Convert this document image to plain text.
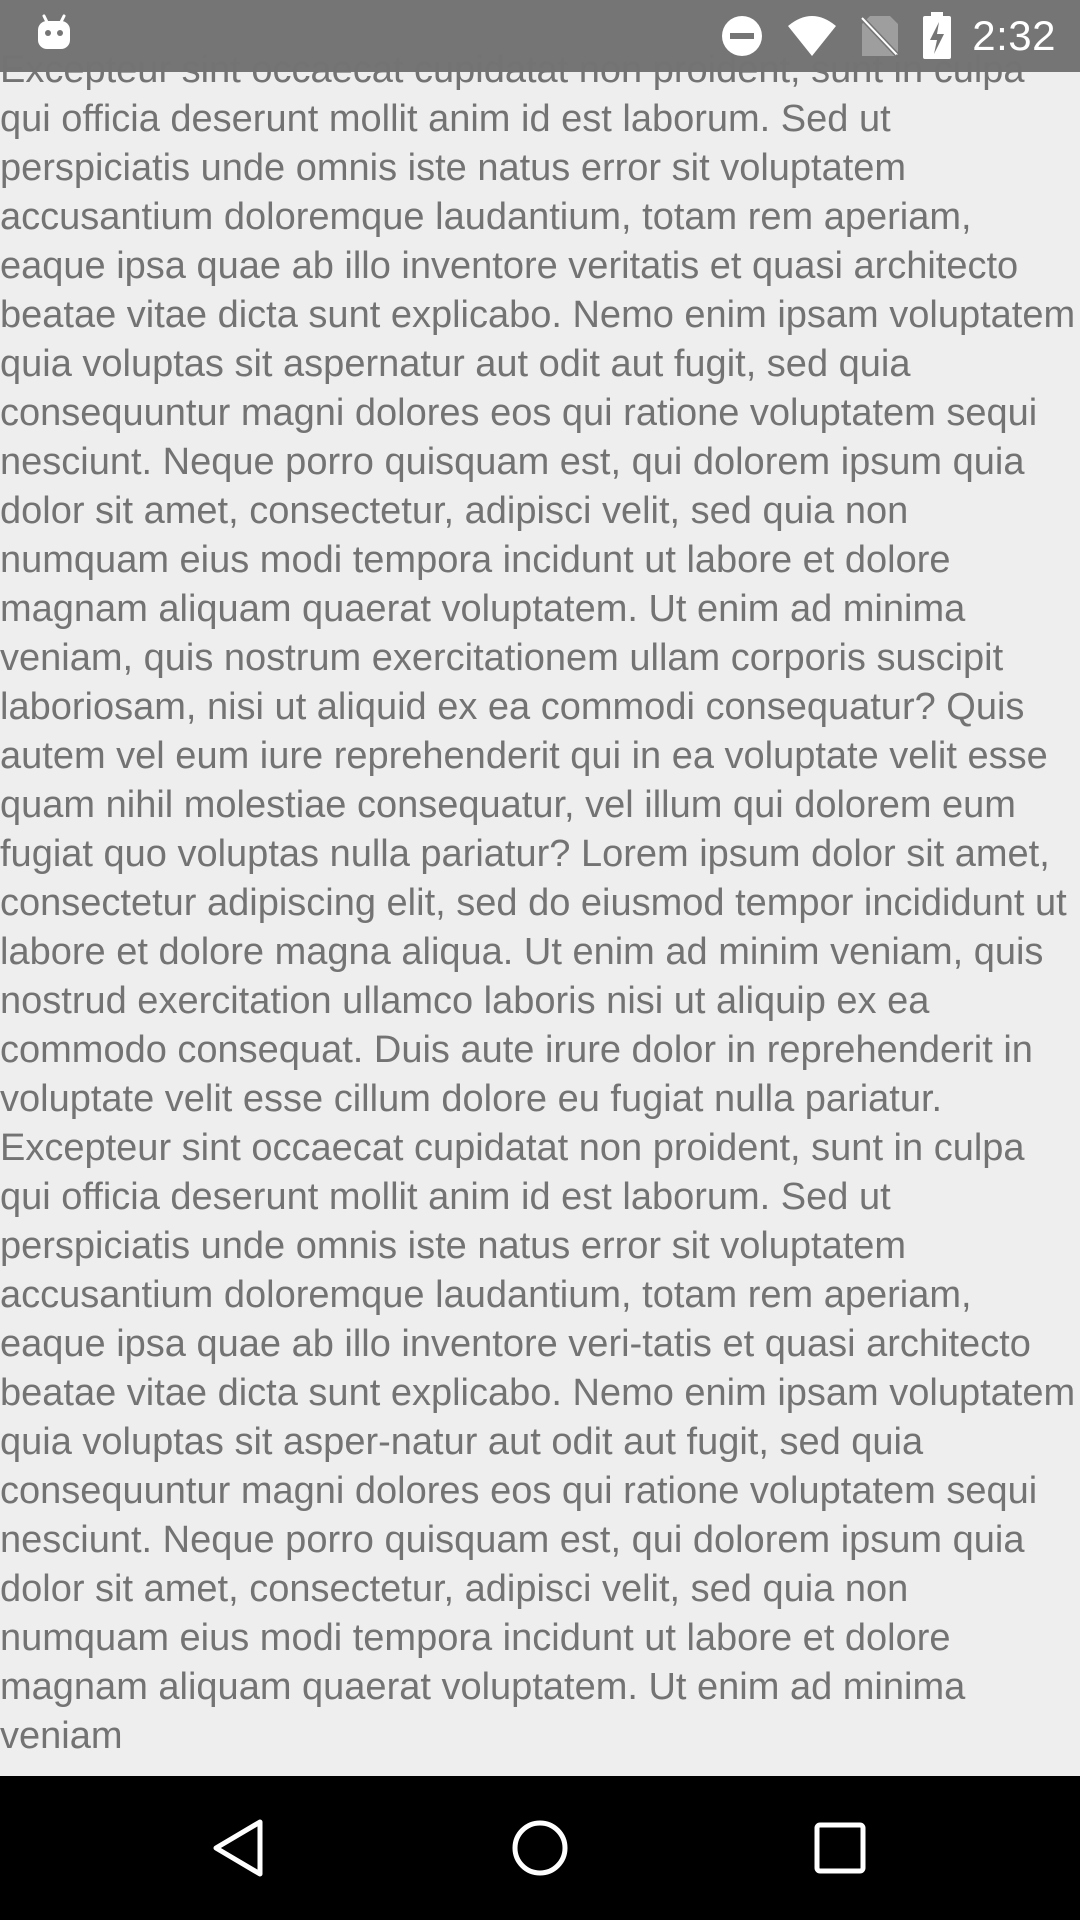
2:32

Excepteur sint occaecat cupidatat non proident, sunt in culpa qui officia deserunt mollit anim id est laborum. Sed ut perspiciatis unde omnis iste natus error sit voluptatem accusantium doloremque laudantium, totam rem aperiam, eaque ipsa quae ab illo inventore veritatis et quasi architecto beatae vitae dicta sunt explicabo. Nemo enim ipsam voluptatem quia voluptas sit aspernatur aut odit aut fugit, sed quia consequuntur magni dolores eos qui ratione voluptatem sequi nesciunt. Neque porro quisquam est, qui dolorem ipsum quia dolor sit amet, consectetur, adipisci velit, sed quia non numquam eius modi tempora incidunt ut labore et dolore magnam aliquam quaerat voluptatem. Ut enim ad minima veniam, quis nostrum exercitationem ullam corporis suscipit laboriosam, nisi ut aliquid ex ea commodi consequatur? Quis autem vel eum iure reprehenderit qui in ea voluptate velit esse quam nihil molestiae consequatur, vel illum qui dolorem eum fugiat quo voluptas nulla pariatur? Lorem ipsum dolor sit amet, consectetur adipiscing elit, sed do eiusmod tempor incididunt ut labore et dolore magna aliqua. Ut enim ad minim veniam, quis nostrud exercitation ullamco laboris nisi ut aliquip ex ea commodo consequat. Duis aute irure dolor in reprehenderit in voluptate velit esse cillum dolore eu fugiat nulla pariatur. Excepteur sint occaecat cupidatat non proident, sunt in culpa qui officia deserunt mollit anim id est laborum. Sed ut perspiciatis unde omnis iste natus error sit voluptatem accusantium doloremque laudantium, totam rem aperiam, eaque ipsa quae ab illo inventore veri-tatis et quasi architecto beatae vitae dicta sunt explicabo. Nemo enim ipsam voluptatem quia voluptas sit asper-natur aut odit aut fugit, sed quia consequuntur magni dolores eos qui ratione voluptatem sequi nesciunt. Neque porro quisquam est, qui dolorem ipsum quia dolor sit amet, consectetur, adipisci velit, sed quia non numquam eius modi tempora incidunt ut labore et dolore magnam aliquam quaerat voluptatem. Ut enim ad minima veniam
